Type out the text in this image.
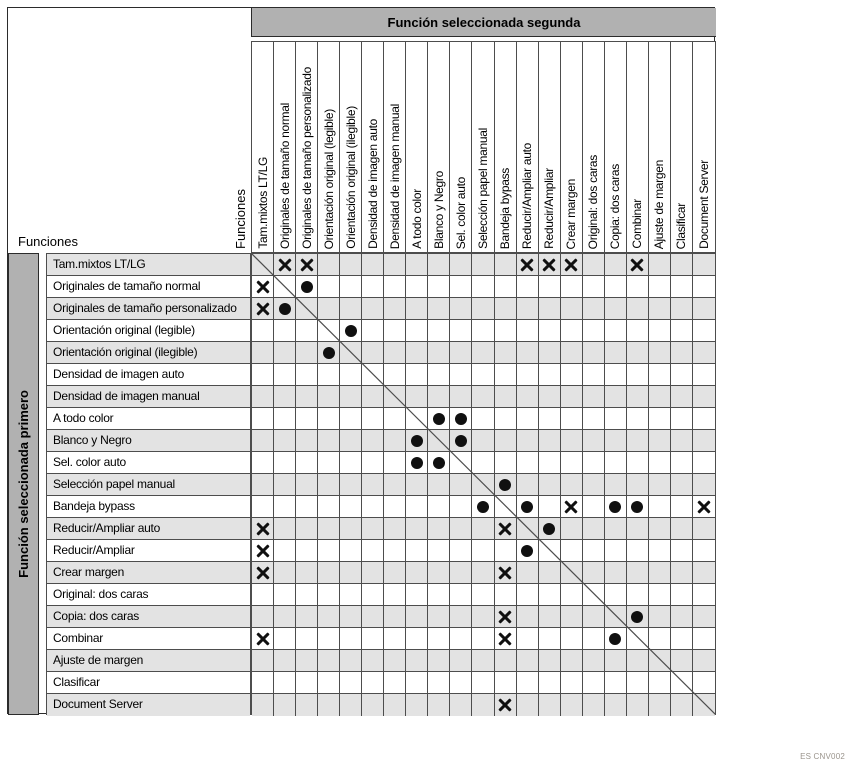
Funciones	Funciones
Función seleccionada segunda
Tam.mixtos LT/LG Originales de tamaño normal Originales de tamaño personalizado Orientación original (legible) Orientación original (ilegible) Densidad de imagen auto Densidad de imagen manual A todo color Blanco y Negro Sel. color auto Selección papel manual Bandeja bypass Reducir/Ampliar auto Reducir/Ampliar Crear margen Original: dos caras Copia: dos caras Combinar Ajuste de margen Clasificar Document Server
Función seleccionada primero
Tam.mixtos LT/LG
Originales de tamaño normal
Originales de tamaño personalizado
Orientación original (legible)
Orientación original (ilegible)
Densidad de imagen auto
Densidad de imagen manual
A todo color
Blanco y Negro
Sel. color auto
Selección papel manual
Bandeja bypass
Reducir/Ampliar auto
Reducir/Ampliar
Crear margen
Original: dos caras
Copia: dos caras
Combinar
Ajuste de margen
Clasificar
Document Server
ES CNV002
